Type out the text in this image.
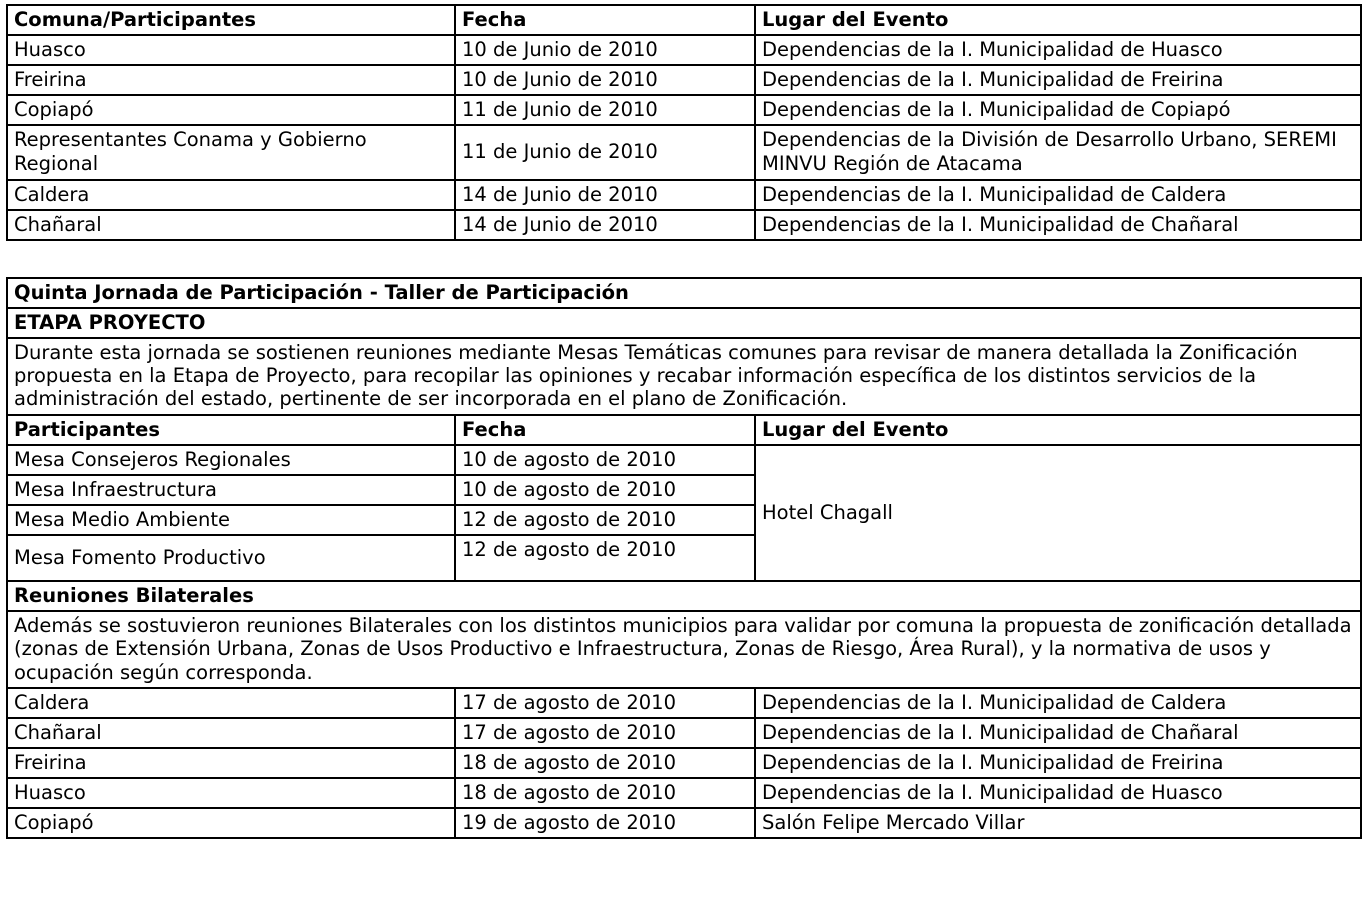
Comuna/Participantes	Fecha	Lugar del Evento
Huasco	10 de Junio de 2010	Dependencias de la I. Municipalidad de Huasco
Freirina	10 de Junio de 2010	Dependencias de la I. Municipalidad de Freirina
Copiapó	11 de Junio de 2010	Dependencias de la I. Municipalidad de Copiapó
Representantes Conama y Gobierno Regional	11 de Junio de 2010	Dependencias de la División de Desarrollo Urbano, SEREMI MINVU Región de Atacama
Caldera	14 de Junio de 2010	Dependencias de la I. Municipalidad de Caldera
Chañaral	14 de Junio de 2010	Dependencias de la I. Municipalidad de Chañaral
Quinta Jornada de Participación - Taller de Participación		
ETAPA PROYECTO		
Durante esta jornada se sostienen reuniones mediante Mesas Temáticas comunes para revisar de manera detallada la Zonificación propuesta en la Etapa de Proyecto, para recopilar las opiniones y recabar información específica de los distintos servicios de la administración del estado, pertinente de ser incorporada en el plano de Zonificación.		
Participantes	Fecha	Lugar del Evento
Mesa Consejeros Regionales	10 de agosto de 2010	Hotel Chagall
Mesa Infraestructura	10 de agosto de 2010	
Mesa Medio Ambiente	12 de agosto de 2010	
Mesa Fomento Productivo	12 de agosto de 2010	
Reuniones Bilaterales		
Además se sostuvieron reuniones Bilaterales con los distintos municipios para validar por comuna la propuesta de zonificación detallada (zonas de Extensión Urbana, Zonas de Usos Productivo e Infraestructura, Zonas de Riesgo, Área Rural), y la normativa de usos y ocupación según corresponda.		
Caldera	17 de agosto de 2010	Dependencias de la I. Municipalidad de Caldera
Chañaral	17 de agosto de 2010	Dependencias de la I. Municipalidad de Chañaral
Freirina	18 de agosto de 2010	Dependencias de la I. Municipalidad de Freirina
Huasco	18 de agosto de 2010	Dependencias de la I. Municipalidad de Huasco
Copiapó	19 de agosto de 2010	Salón Felipe Mercado Villar
